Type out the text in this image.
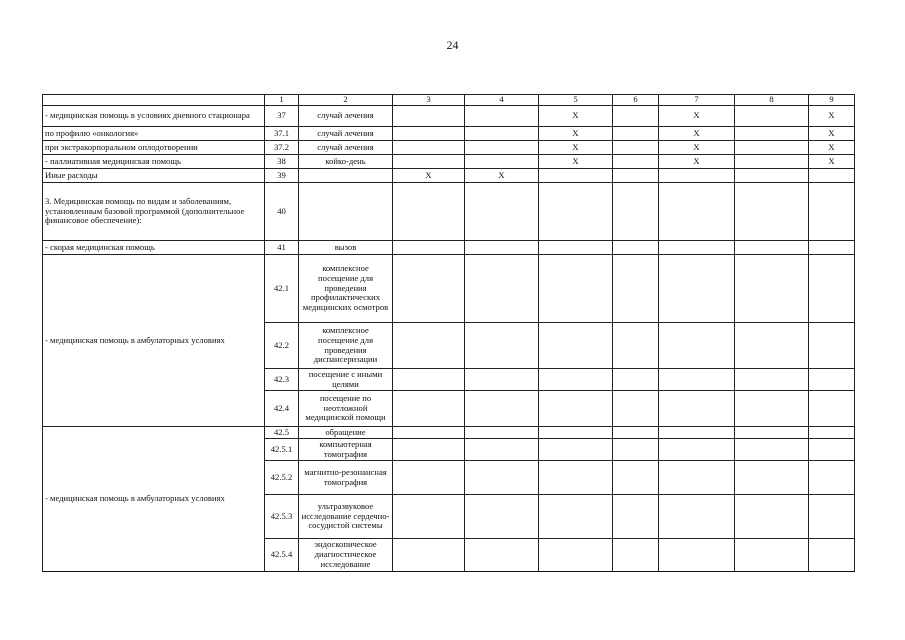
24
	1	2	3	4	5	6	7	8	9
- медицинская помощь в условиях дневного стационара	37	случай лечения			X		X		X
по профилю «онкология»	37.1	случай лечения			X		X		X
при экстракорпоральном оплодотворении	37.2	случай лечения			X		X		X
- паллиативная медицинская помощь	38	койко-день			X		X		X
Иные расходы	39		X	X					
3. Медицинская помощь по видам и заболеваниям, установленным базовой программой (дополнительное финансовое обеспечение):	40								
- скорая медицинская помощь	41	вызов							
- медицинская помощь в амбулаторных условиях	42.1	комплексное посещение для проведения профилактических медицинских осмотров							
	42.2	комплексное посещение для проведения диспансеризации							
	42.3	посещение с иными целями							
	42.4	посещение по неотложной медицинской помощи							
- медицинская помощь в амбулаторных условиях	42.5	обращение							
	42.5.1	компьютерная томография							
	42.5.2	магнитно-резонансная томография							
	42.5.3	ультразвуковое исследование сердечно-сосудистой системы							
	42.5.4	эндоскопическое диагностическое исследование							
